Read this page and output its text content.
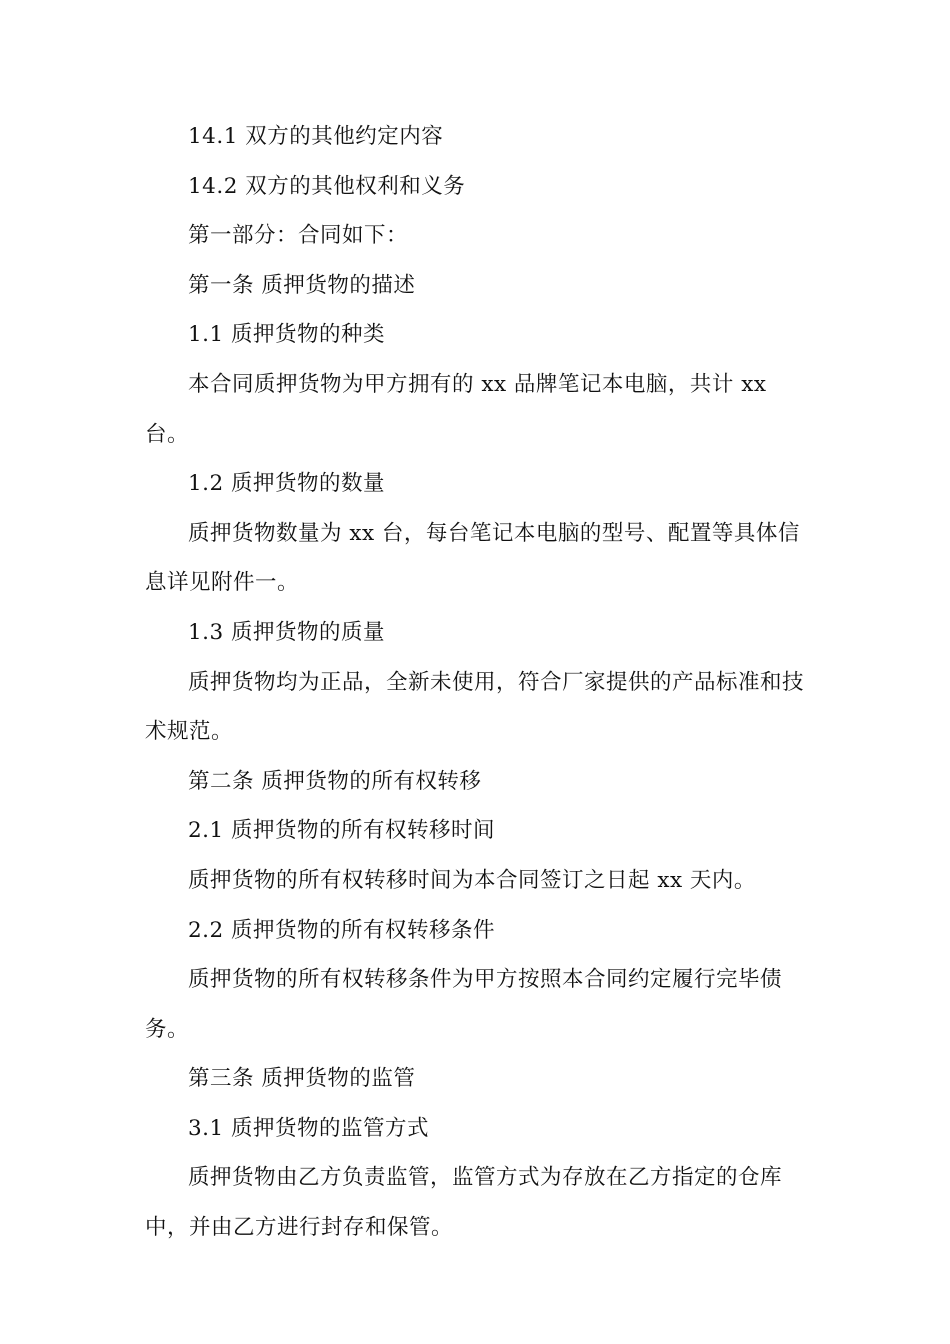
14.1 双方的其他约定内容

14.2 双方的其他权利和义务

第一部分：合同如下：

第一条 质押货物的描述

1.1 质押货物的种类

本合同质押货物为甲方拥有的 xx 品牌笔记本电脑，共计 xx 台。

1.2 质押货物的数量

质押货物数量为 xx 台，每台笔记本电脑的型号、配置等具体信息详见附件一。

1.3 质押货物的质量

质押货物均为正品，全新未使用，符合厂家提供的产品标准和技术规范。

第二条 质押货物的所有权转移

2.1 质押货物的所有权转移时间

质押货物的所有权转移时间为本合同签订之日起 xx 天内。

2.2 质押货物的所有权转移条件

质押货物的所有权转移条件为甲方按照本合同约定履行完毕债务。

第三条 质押货物的监管

3.1 质押货物的监管方式

质押货物由乙方负责监管，监管方式为存放在乙方指定的仓库中，并由乙方进行封存和保管。
